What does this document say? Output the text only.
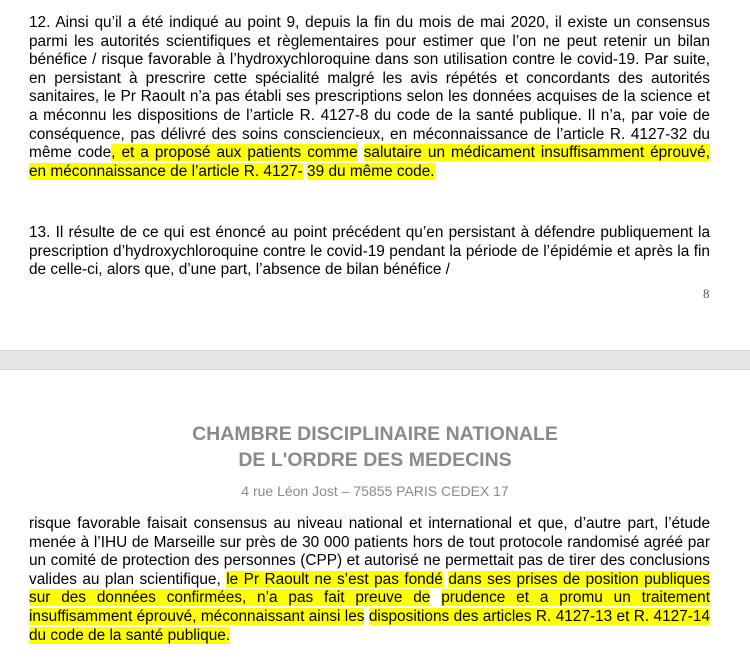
12. Ainsi qu’il a été indiqué au point 9, depuis la fin du mois de mai 2020, il existe un consensus parmi les autorités scientifiques et règlementaires pour estimer que l’on ne peut retenir un bilan bénéfice / risque favorable à l’hydroxychloroquine dans son utilisation contre le covid-19. Par suite, en persistant à prescrire cette spécialité malgré les avis répétés et concordants des autorités sanitaires, le Pr Raoult n’a pas établi ses prescriptions selon les données acquises de la science et a méconnu les dispositions de l’article R. 4127-8 du code de la santé publique. Il n’a, par voie de conséquence, pas délivré des soins consciencieux, en méconnaissance de l’article R. 4127-32 du même code, et a proposé aux patients comme salutaire un médicament insuffisamment éprouvé, en méconnaissance de l’article R. 4127- 39 du même code.
13. Il résulte de ce qui est énoncé au point précédent qu’en persistant à défendre publiquement la prescription d’hydroxychloroquine contre le covid-19 pendant la période de l’épidémie et après la fin de celle-ci, alors que, d’une part, l’absence de bilan bénéfice /
8

CHAMBRE DISCIPLINAIRE NATIONALE

DE L'ORDRE DES MEDECINS

4 rue Léon Jost – 75855 PARIS CEDEX 17

risque favorable faisait consensus au niveau national et international et que, d’autre part, l’étude menée à l’IHU de Marseille sur près de 30 000 patients hors de tout protocole randomisé agréé par un comité de protection des personnes (CPP) et autorisé ne permettait pas de tirer des conclusions valides au plan scientifique, le Pr Raoult ne s’est pas fondé dans ses prises de position publiques sur des données confirmées, n’a pas fait preuve de prudence et a promu un traitement insuffisamment éprouvé, méconnaissant ainsi les dispositions des articles R. 4127-13 et R. 4127-14 du code de la santé publique.
